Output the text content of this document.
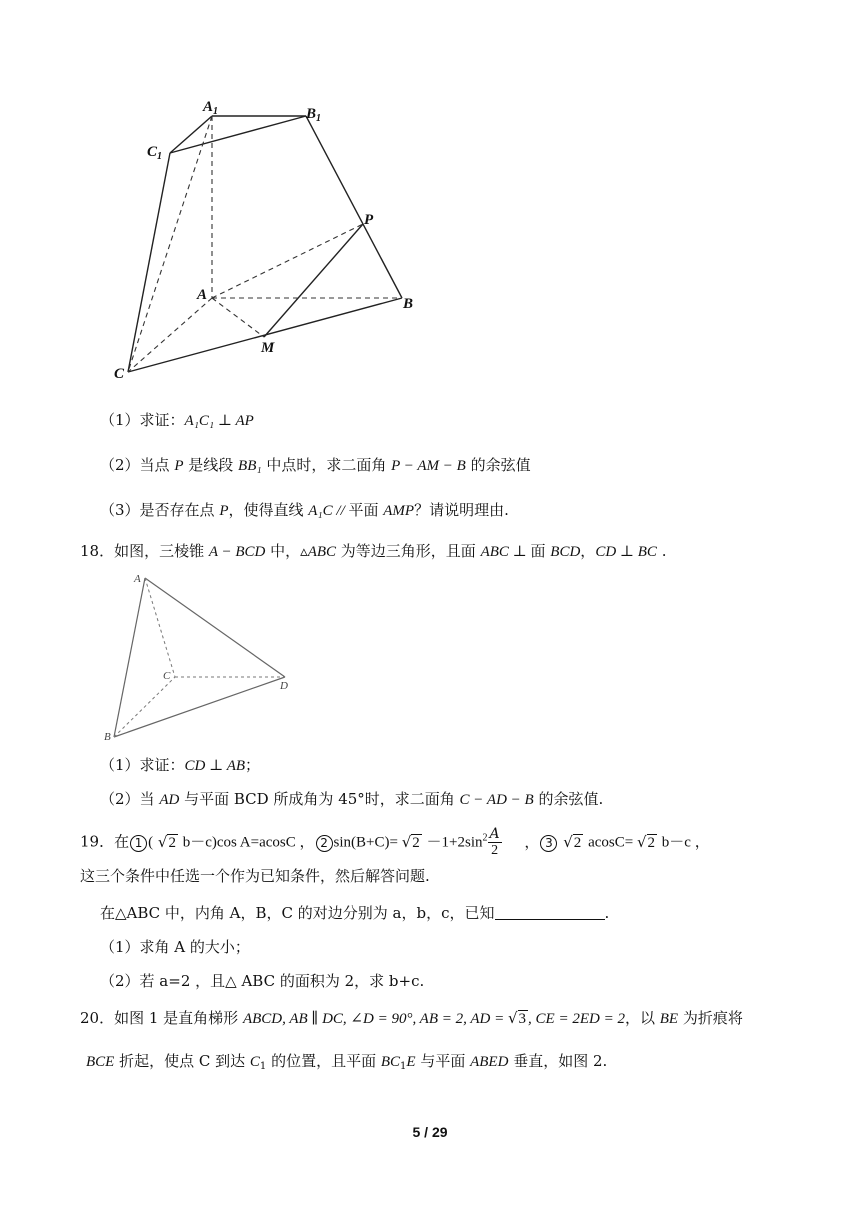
$A_1$	$B_1$
$C_1$
P
A
B
M
C
（1）求证：A₁C₁ ⊥ AP
（2）当点 P 是线段 BB₁ 中点时，求二面角 P − AM − B 的余弦值
（3）是否存在点 P，使得直线 A₁C // 平面 AMP？请说明理由.
18．如图，三棱锥 A − BCD 中，▵ABC 为等边三角形，且面 ABC ⊥ 面 BCD，CD ⊥ BC .
A
B
C
D
（1）求证：CD ⊥ AB；
（2）当 AD 与平面 BCD 所成角为 45°时，求二面角 C − AD − B 的余弦值.
19．在 1 ( √2 b－c)cos A=acosC ， 2 $\sin(B+C)= √2 -1+2\sin^2 \frac{A}{2}$ ， 3 √2 acosC= √2 b－c ，
这三个条件中任选一个作为已知条件，然后解答问题.
在△ABC 中，内角 A，B，C 的对边分别为 a，b，c，已知	.
（1）求角 A 的大小；
（2）若 a=2 ，且△ ABC 的面积为 2，求 b+c.
20．如图 1 是直角梯形 ABCD, AB ∥ DC, ∠D = 90°, AB = 2, AD = √3 , CE = 2ED = 2，以 BE 为折痕将
BCE 折起，使点 C 到达 $C_1$ 的位置，且平面 $BC_1E$ 与平面 ABED 垂直，如图 2.
5 / 29
